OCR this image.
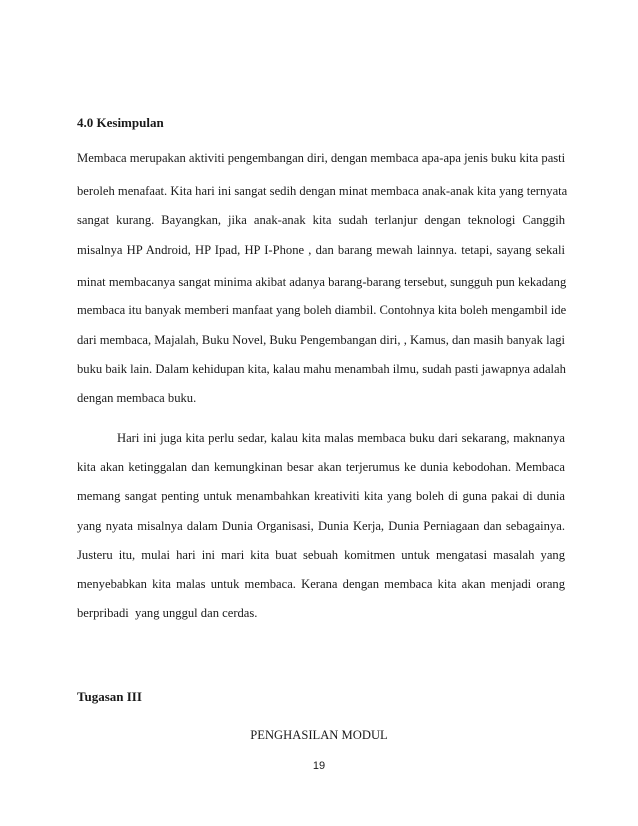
4.0 Kesimpulan
Membaca merupakan aktiviti pengembangan diri, dengan membaca apa-apa jenis buku kita pasti
beroleh menafaat. Kita hari ini sangat sedih dengan minat membaca anak-anak kita yang ternyata
sangat kurang. Bayangkan, jika anak-anak kita sudah terlanjur dengan teknologi Canggih
misalnya HP Android, HP Ipad, HP I-Phone , dan barang mewah lainnya. tetapi, sayang sekali
minat membacanya sangat minima akibat adanya barang-barang tersebut, sungguh pun kekadang
membaca itu banyak memberi manfaat yang boleh diambil. Contohnya kita boleh mengambil ide
dari membaca, Majalah, Buku Novel, Buku Pengembangan diri, , Kamus, dan masih banyak lagi
buku baik lain. Dalam kehidupan kita, kalau mahu menambah ilmu, sudah pasti jawapnya adalah
dengan membaca buku.
Hari ini juga kita perlu sedar, kalau kita malas membaca buku dari sekarang, maknanya
kita akan ketinggalan dan kemungkinan besar akan terjerumus ke dunia kebodohan. Membaca
memang sangat penting untuk menambahkan kreativiti kita yang boleh di guna pakai di dunia
yang nyata misalnya dalam Dunia Organisasi, Dunia Kerja, Dunia Perniagaan dan sebagainya.
Justeru itu, mulai hari ini mari kita buat sebuah komitmen untuk mengatasi masalah yang
menyebabkan kita malas untuk membaca. Kerana dengan membaca kita akan menjadi orang
berpribadi  yang unggul dan cerdas.
Tugasan III
PENGHASILAN MODUL
19
